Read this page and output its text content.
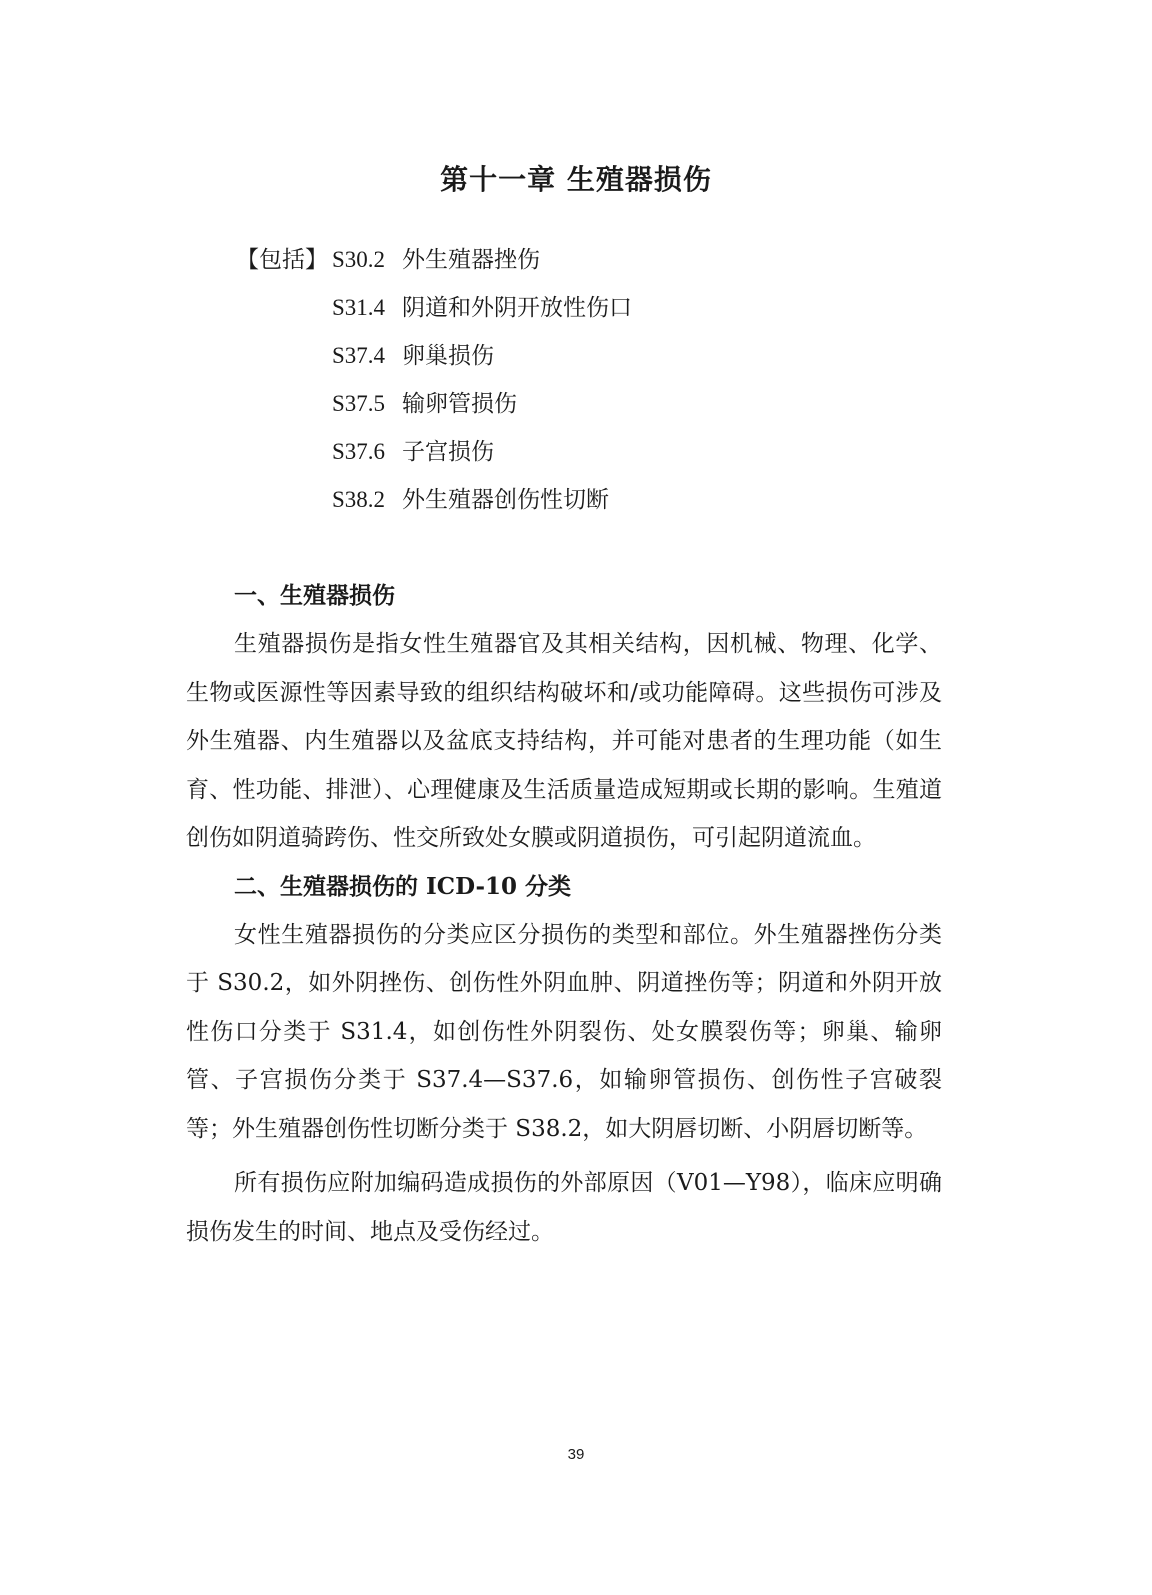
第十一章 生殖器损伤
【包括】 S30.2 外生殖器挫伤
S31.4 阴道和外阴开放性伤口
S37.4 卵巢损伤
S37.5 输卵管损伤
S37.6 子宫损伤
S38.2 外生殖器创伤性切断
一、生殖器损伤

生殖器损伤是指女性生殖器官及其相关结构，因机械、物理、化学、生物或医源性等因素导致的组织结构破坏和/或功能障碍。这些损伤可涉及外生殖器、内生殖器以及盆底支持结构，并可能对患者的生理功能（如生育、性功能、排泄）、心理健康及生活质量造成短期或长期的影响。生殖道创伤如阴道骑跨伤、性交所致处女膜或阴道损伤，可引起阴道流血。

二、生殖器损伤的 ICD-10 分类

女性生殖器损伤的分类应区分损伤的类型和部位。外生殖器挫伤分类于 S30.2，如外阴挫伤、创伤性外阴血肿、阴道挫伤等；阴道和外阴开放性伤口分类于 S31.4，如创伤性外阴裂伤、处女膜裂伤等；卵巢、输卵管、子宫损伤分类于 S37.4—S37.6，如输卵管损伤、创伤性子宫破裂等；外生殖器创伤性切断分类于 S38.2，如大阴唇切断、小阴唇切断等。

所有损伤应附加编码造成损伤的外部原因（V01—Y98），临床应明确损伤发生的时间、地点及受伤经过。

39
